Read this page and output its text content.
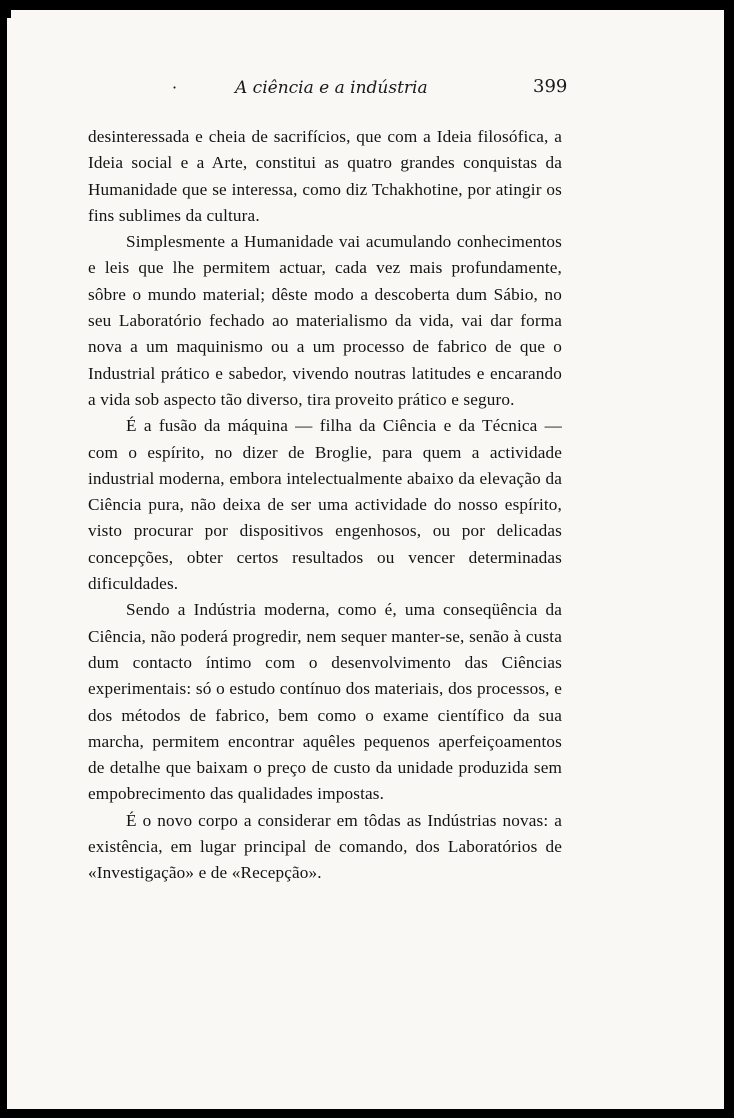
·	A ciência e a indústria	399

desinteressada e cheia de sacrifícios, que com a Ideia filosófica, a Ideia social e a Arte, constitui as quatro grandes conquistas da Humanidade que se interessa, como diz Tchakhotine, por atingir os fins sublimes da cultura.

Simplesmente a Humanidade vai acumulando conhecimentos e leis que lhe permitem actuar, cada vez mais profundamente, sôbre o mundo material; dêste modo a descoberta dum Sábio, no seu Laboratório fechado ao materialismo da vida, vai dar forma nova a um maquinismo ou a um processo de fabrico de que o Industrial prático e sabedor, vivendo noutras latitudes e encarando a vida sob aspecto tão diverso, tira proveito prático e seguro.

É a fusão da máquina — filha da Ciência e da Técnica — com o espírito, no dizer de Broglie, para quem a actividade industrial moderna, embora intelectualmente abaixo da elevação da Ciência pura, não deixa de ser uma actividade do nosso espírito, visto procurar por dispositivos engenhosos, ou por delicadas concepções, obter certos resultados ou vencer determinadas dificuldades.

Sendo a Indústria moderna, como é, uma conseqüência da Ciência, não poderá progredir, nem sequer manter-se, senão à custa dum contacto íntimo com o desenvolvimento das Ciências experimentais: só o estudo contínuo dos materiais, dos processos, e dos métodos de fabrico, bem como o exame científico da sua marcha, permitem encontrar aquêles pequenos aperfeiçoamentos de detalhe que baixam o preço de custo da unidade produzida sem empobrecimento das qualidades impostas.

É o novo corpo a considerar em tôdas as Indústrias novas: a existência, em lugar principal de comando, dos Laboratórios de «Investigação» e de «Recepção».
